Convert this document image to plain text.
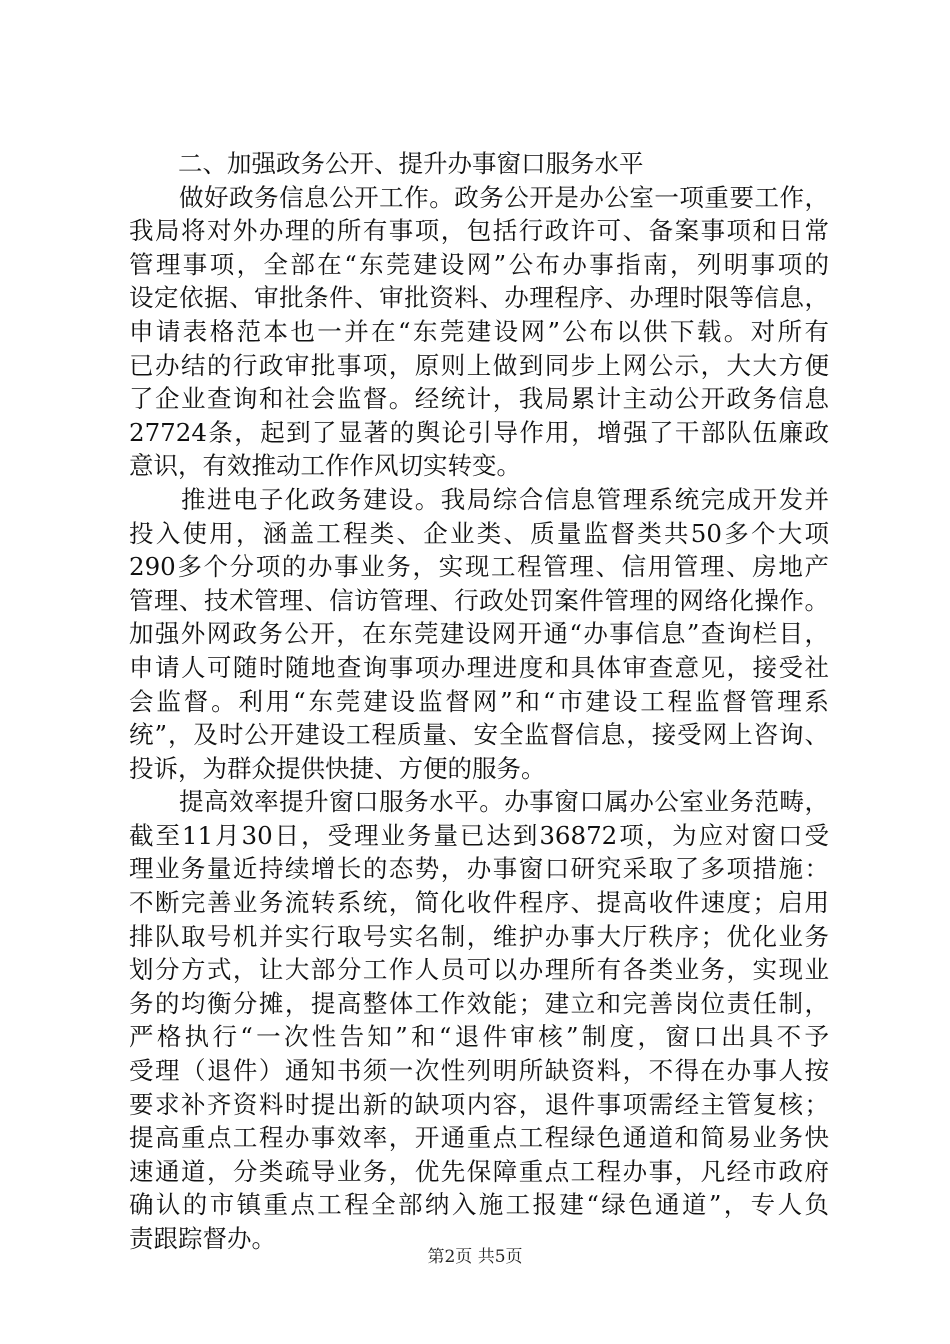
　　二、加强政务公开、提升办事窗口服务水平
　　做好政务信息公开工作。政务公开是办公室一项重要工作，
我局将对外办理的所有事项，包括行政许可、备案事项和日常
管理事项，全部在“东莞建设网”公布办事指南，列明事项的
设定依据、审批条件、审批资料、办理程序、办理时限等信息，
申请表格范本也一并在“东莞建设网”公布以供下载。对所有
已办结的行政审批事项，原则上做到同步上网公示，大大方便
了企业查询和社会监督。经统计，我局累计主动公开政务信息
27724条，起到了显著的舆论引导作用，增强了干部队伍廉政
意识，有效推动工作作风切实转变。
　　推进电子化政务建设。我局综合信息管理系统完成开发并
投入使用，涵盖工程类、企业类、质量监督类共50多个大项
290多个分项的办事业务，实现工程管理、信用管理、房地产
管理、技术管理、信访管理、行政处罚案件管理的网络化操作。
加强外网政务公开，在东莞建设网开通“办事信息”查询栏目，
申请人可随时随地查询事项办理进度和具体审查意见，接受社
会监督。利用“东莞建设监督网”和“市建设工程监督管理系
统”，及时公开建设工程质量、安全监督信息，接受网上咨询、
投诉，为群众提供快捷、方便的服务。
　　提高效率提升窗口服务水平。办事窗口属办公室业务范畴，
截至11月30日，受理业务量已达到36872项，为应对窗口受
理业务量近持续增长的态势，办事窗口研究采取了多项措施：
不断完善业务流转系统，简化收件程序、提高收件速度；启用
排队取号机并实行取号实名制，维护办事大厅秩序；优化业务
划分方式，让大部分工作人员可以办理所有各类业务，实现业
务的均衡分摊，提高整体工作效能；建立和完善岗位责任制，
严格执行“一次性告知”和“退件审核”制度，窗口出具不予
受理（退件）通知书须一次性列明所缺资料，不得在办事人按
要求补齐资料时提出新的缺项内容，退件事项需经主管复核；
提高重点工程办事效率，开通重点工程绿色通道和简易业务快
速通道，分类疏导业务，优先保障重点工程办事，凡经市政府
确认的市镇重点工程全部纳入施工报建“绿色通道”，专人负
责跟踪督办。
第2页 共5页
